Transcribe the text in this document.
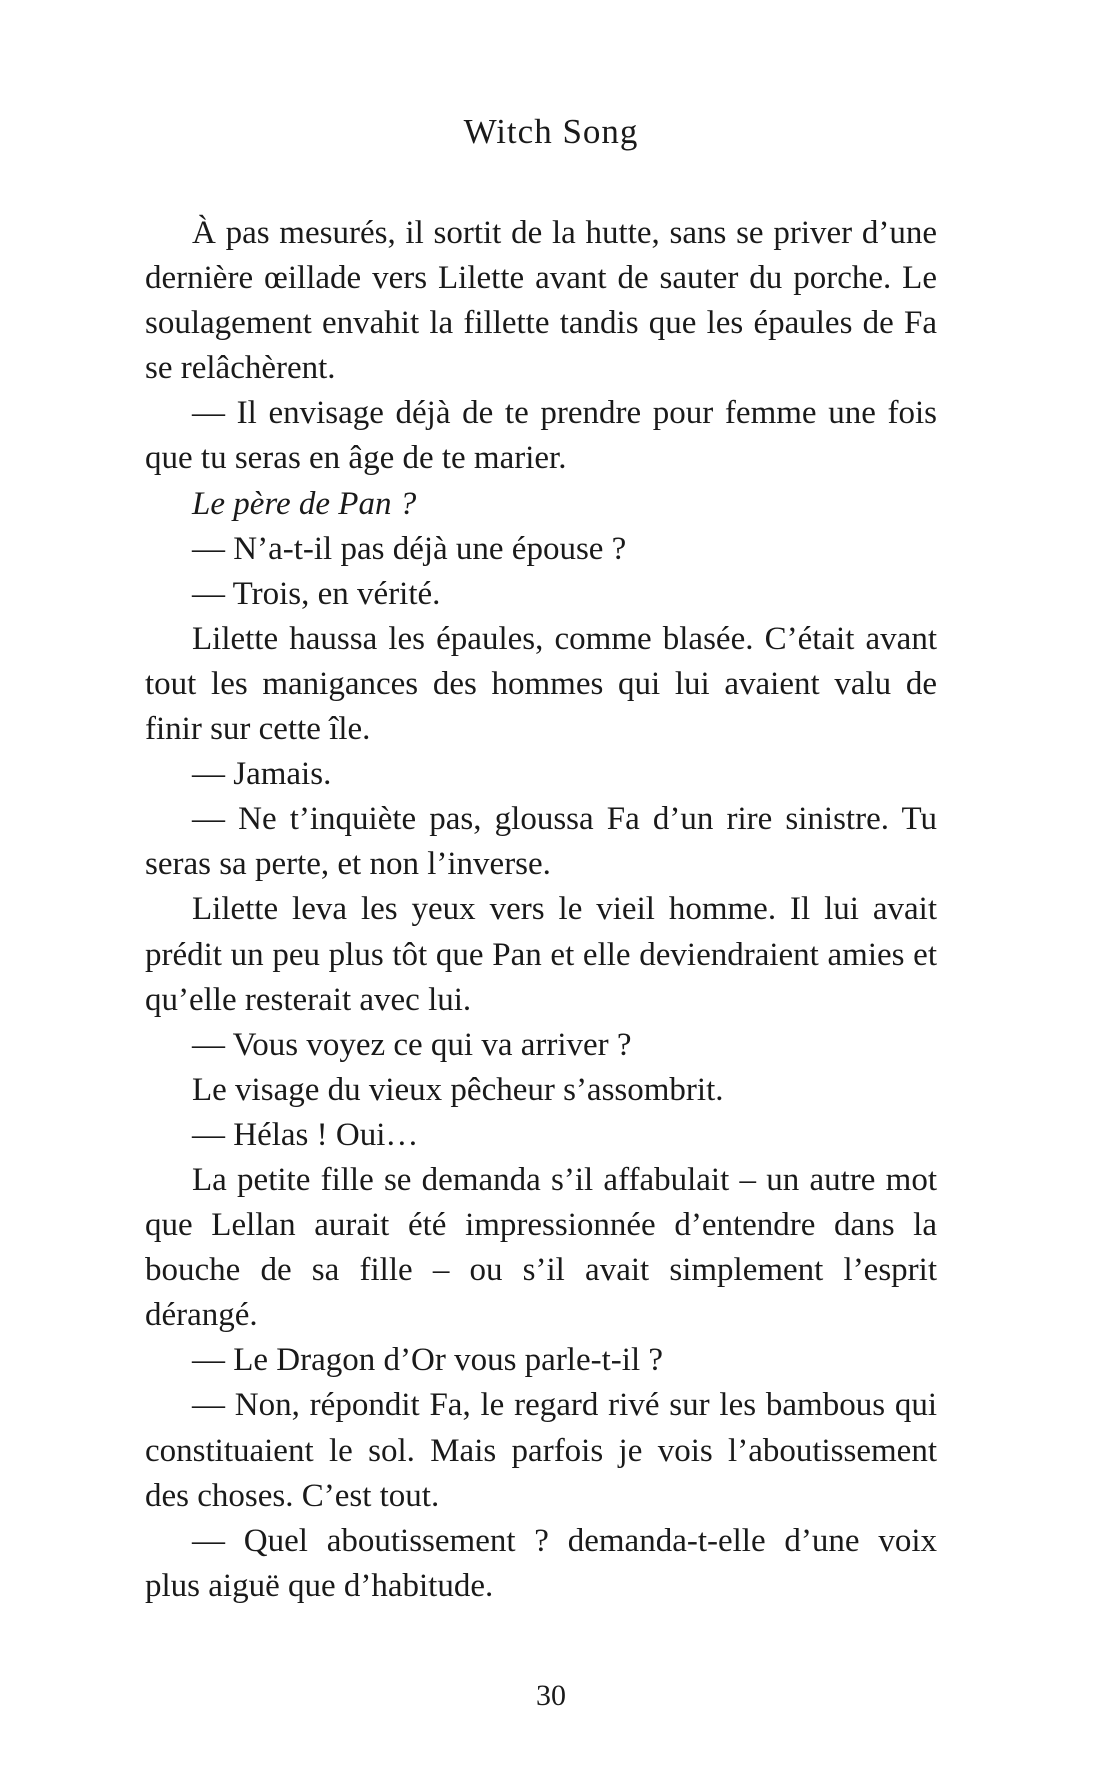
Witch Song

À pas mesurés, il sortit de la hutte, sans se priver d’une dernière œillade vers Lilette avant de sauter du porche. Le soulagement envahit la fillette tandis que les épaules de Fa se relâchèrent.

— Il envisage déjà de te prendre pour femme une fois que tu seras en âge de te marier.

Le père de Pan ?

— N’a-t-il pas déjà une épouse ?

— Trois, en vérité.

Lilette haussa les épaules, comme blasée. C’était avant tout les manigances des hommes qui lui avaient valu de finir sur cette île.

— Jamais.

— Ne t’inquiète pas, gloussa Fa d’un rire sinistre. Tu seras sa perte, et non l’inverse.

Lilette leva les yeux vers le vieil homme. Il lui avait prédit un peu plus tôt que Pan et elle deviendraient amies et qu’elle resterait avec lui.

— Vous voyez ce qui va arriver ?

Le visage du vieux pêcheur s’assombrit.

— Hélas ! Oui…

La petite fille se demanda s’il affabulait – un autre mot que Lellan aurait été impressionnée d’entendre dans la bouche de sa fille – ou s’il avait simplement l’esprit dérangé.

— Le Dragon d’Or vous parle-t-il ?

— Non, répondit Fa, le regard rivé sur les bambous qui constituaient le sol. Mais parfois je vois l’aboutissement des choses. C’est tout.

— Quel aboutissement ? demanda-t-elle d’une voix plus aiguë que d’habitude.

30
